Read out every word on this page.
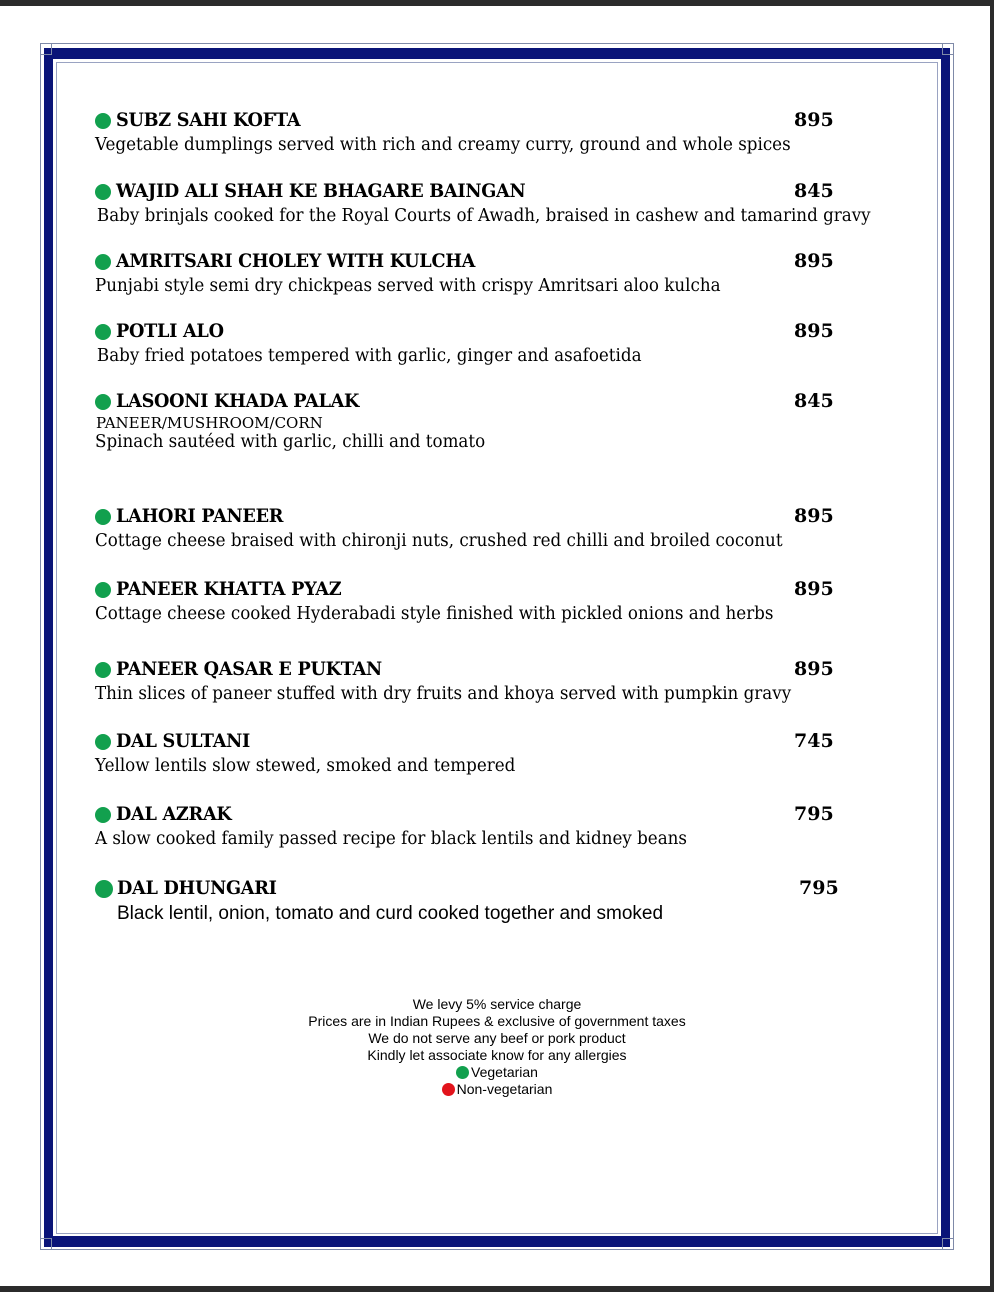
SUBZ SAHI KOFTA	895
Vegetable dumplings served with rich and creamy curry, ground and whole spices
WAJID ALI SHAH KE BHAGARE BAINGAN	845
Baby brinjals cooked for the Royal Courts of Awadh, braised in cashew and tamarind gravy
AMRITSARI CHOLEY WITH KULCHA	895
Punjabi style semi dry chickpeas served with crispy Amritsari aloo kulcha
POTLI ALO	895
Baby fried potatoes tempered with garlic, ginger and asafoetida
LASOONI KHADA PALAK	845
PANEER/MUSHROOM/CORN
Spinach sautéed with garlic, chilli and tomato
LAHORI PANEER	895
Cottage cheese braised with chironji nuts, crushed red chilli and broiled coconut
PANEER KHATTA PYAZ	895
Cottage cheese cooked Hyderabadi style finished with pickled onions and herbs
PANEER QASAR E PUKTAN	895
Thin slices of paneer stuffed with dry fruits and khoya served with pumpkin gravy
DAL SULTANI	745
Yellow lentils slow stewed, smoked and tempered
DAL AZRAK	795
A slow cooked family passed recipe for black lentils and kidney beans
DAL DHUNGARI	795
Black lentil, onion, tomato and curd cooked together and smoked
We levy 5% service charge
Prices are in Indian Rupees & exclusive of government taxes
We do not serve any beef or pork product
Kindly let associate know for any allergies
Vegetarian
Non-vegetarian
